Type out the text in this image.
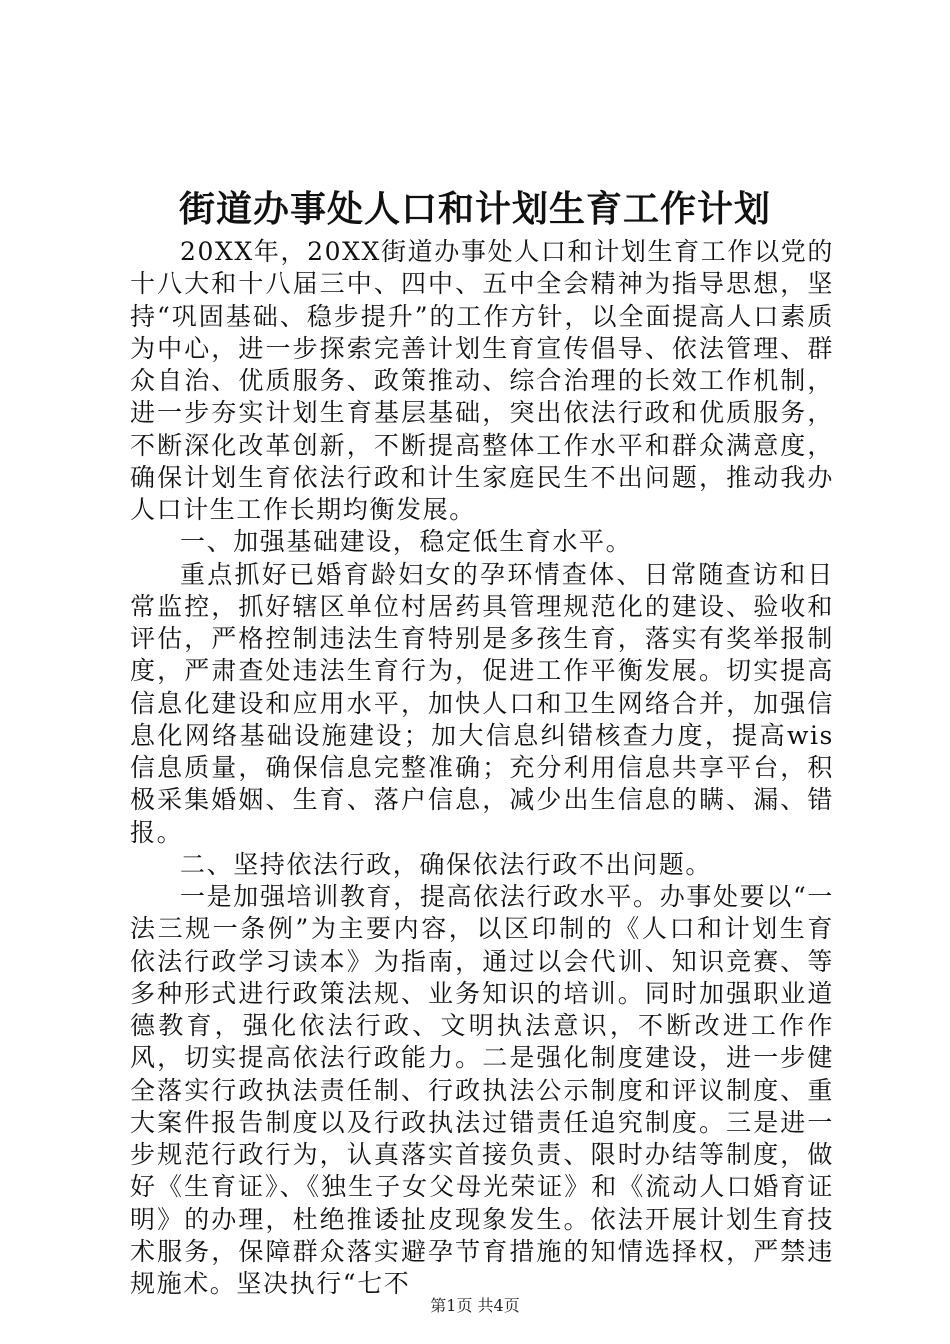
街道办事处人口和计划生育工作计划

20XX年，20XX街道办事处人口和计划生育工作以党的十八大和十八届三中、四中、五中全会精神为指导思想，坚持“巩固基础、稳步提升”的工作方针，以全面提高人口素质为中心，进一步探索完善计划生育宣传倡导、依法管理、群众自治、优质服务、政策推动、综合治理的长效工作机制，进一步夯实计划生育基层基础，突出依法行政和优质服务，不断深化改革创新，不断提高整体工作水平和群众满意度，确保计划生育依法行政和计生家庭民生不出问题，推动我办人口计生工作长期均衡发展。

一、加强基础建设，稳定低生育水平。

重点抓好已婚育龄妇女的孕环情查体、日常随查访和日常监控，抓好辖区单位村居药具管理规范化的建设、验收和评估，严格控制违法生育特别是多孩生育，落实有奖举报制度，严肃查处违法生育行为，促进工作平衡发展。切实提高信息化建设和应用水平，加快人口和卫生网络合并，加强信息化网络基础设施建设；加大信息纠错核查力度，提高wis信息质量，确保信息完整准确；充分利用信息共享平台，积极采集婚姻、生育、落户信息，减少出生信息的瞒、漏、错报。

二、坚持依法行政，确保依法行政不出问题。

一是加强培训教育，提高依法行政水平。办事处要以“一法三规一条例”为主要内容，以区印制的《人口和计划生育依法行政学习读本》为指南，通过以会代训、知识竞赛、等多种形式进行政策法规、业务知识的培训。同时加强职业道德教育，强化依法行政、文明执法意识，不断改进工作作风，切实提高依法行政能力。二是强化制度建设，进一步健全落实行政执法责任制、行政执法公示制度和评议制度、重大案件报告制度以及行政执法过错责任追究制度。三是进一步规范行政行为，认真落实首接负责、限时办结等制度，做好《生育证》、《独生子女父母光荣证》和《流动人口婚育证明》的办理，杜绝推诿扯皮现象发生。依法开展计划生育技术服务，保障群众落实避孕节育措施的知情选择权，严禁违规施术。坚决执行“七不

第1页 共4页
